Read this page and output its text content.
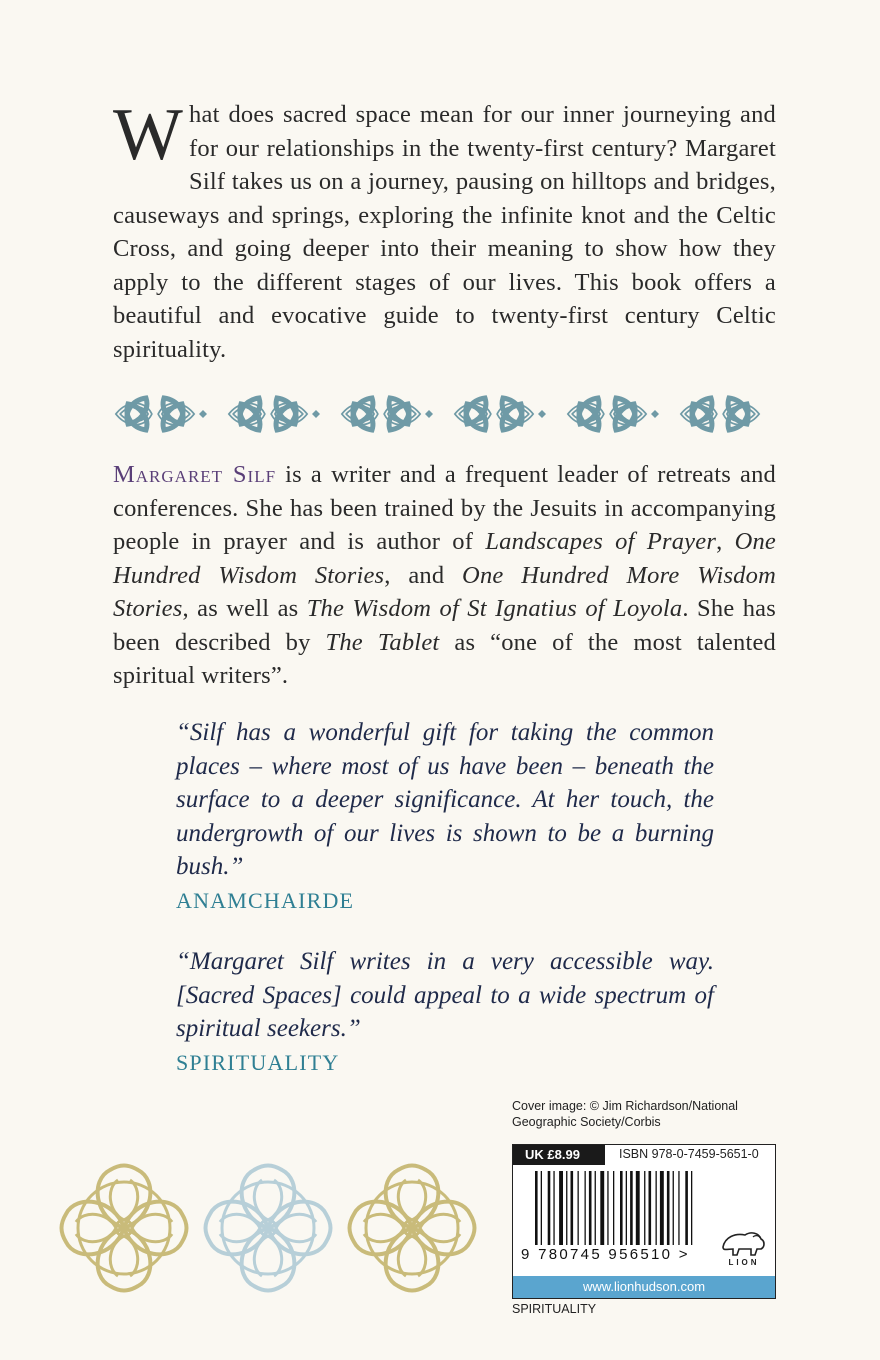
What does sacred space mean for our inner journeying and for our relationships in the twenty-first century? Margaret Silf takes us on a journey, pausing on hilltops and bridges, causeways and springs, exploring the infinite knot and the Celtic Cross, and going deeper into their meaning to show how they apply to the different stages of our lives. This book offers a beautiful and evocative guide to twenty-first century Celtic spirituality.
Margaret Silf is a writer and a frequent leader of retreats and conferences. She has been trained by the Jesuits in accompanying people in prayer and is author of Landscapes of Prayer, One Hundred Wisdom Stories, and One Hundred More Wisdom Stories, as well as The Wisdom of St Ignatius of Loyola. She has been described by The Tablet as “one of the most talented spiritual writers”.
“Silf has a wonderful gift for taking the common places – where most of us have been – beneath the surface to a deeper significance. At her touch, the undergrowth of our lives is shown to be a burning bush.”
ANAMCHAIRDE
“Margaret Silf writes in a very accessible way. [Sacred Spaces] could appeal to a wide spectrum of spiritual seekers.”
SPIRITUALITY
Cover image: © Jim Richardson/National Geographic Society/Corbis
UK £8.99	ISBN 978-0-7459-5651-0
9 780745 956510 >	LION
www.lionhudson.com
SPIRITUALITY
